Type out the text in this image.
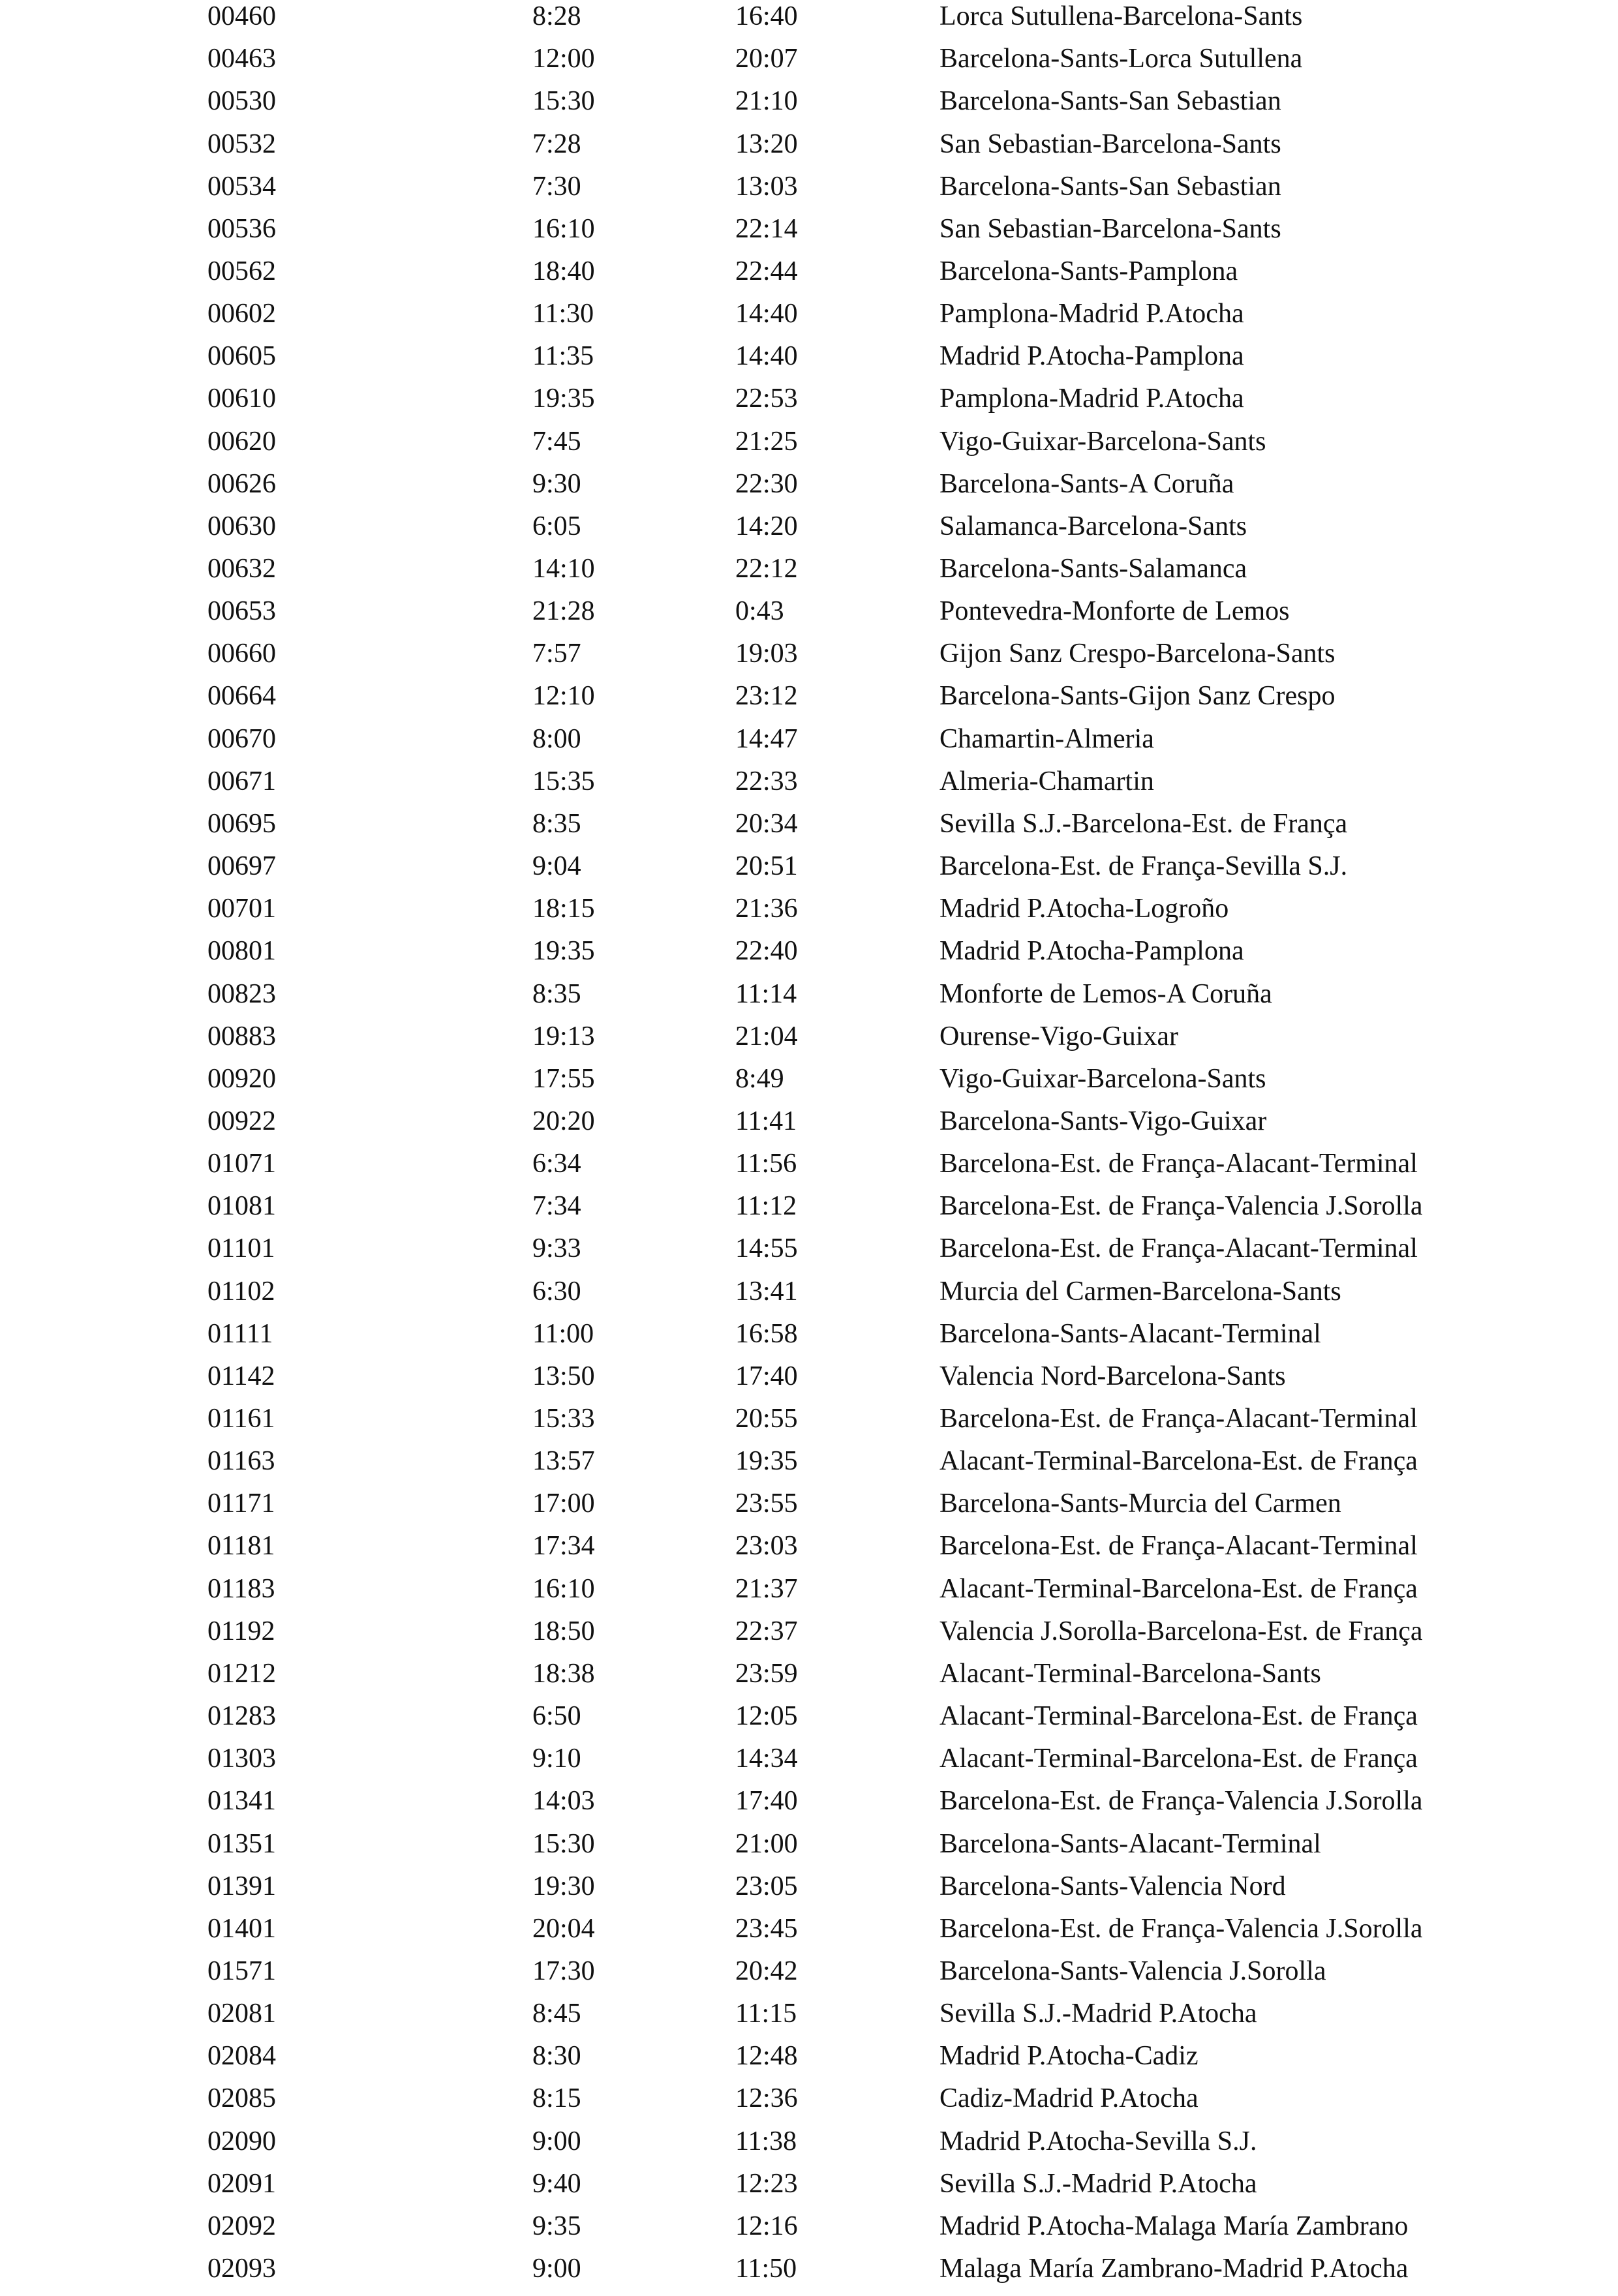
00460	8:28	16:40	Lorca Sutullena-Barcelona-Sants
00463	12:00	20:07	Barcelona-Sants-Lorca Sutullena
00530	15:30	21:10	Barcelona-Sants-San Sebastian
00532	7:28	13:20	San Sebastian-Barcelona-Sants
00534	7:30	13:03	Barcelona-Sants-San Sebastian
00536	16:10	22:14	San Sebastian-Barcelona-Sants
00562	18:40	22:44	Barcelona-Sants-Pamplona
00602	11:30	14:40	Pamplona-Madrid P.Atocha
00605	11:35	14:40	Madrid P.Atocha-Pamplona
00610	19:35	22:53	Pamplona-Madrid P.Atocha
00620	7:45	21:25	Vigo-Guixar-Barcelona-Sants
00626	9:30	22:30	Barcelona-Sants-A Coruña
00630	6:05	14:20	Salamanca-Barcelona-Sants
00632	14:10	22:12	Barcelona-Sants-Salamanca
00653	21:28	0:43	Pontevedra-Monforte de Lemos
00660	7:57	19:03	Gijon Sanz Crespo-Barcelona-Sants
00664	12:10	23:12	Barcelona-Sants-Gijon Sanz Crespo
00670	8:00	14:47	Chamartin-Almeria
00671	15:35	22:33	Almeria-Chamartin
00695	8:35	20:34	Sevilla S.J.-Barcelona-Est. de França
00697	9:04	20:51	Barcelona-Est. de França-Sevilla S.J.
00701	18:15	21:36	Madrid P.Atocha-Logroño
00801	19:35	22:40	Madrid P.Atocha-Pamplona
00823	8:35	11:14	Monforte de Lemos-A Coruña
00883	19:13	21:04	Ourense-Vigo-Guixar
00920	17:55	8:49	Vigo-Guixar-Barcelona-Sants
00922	20:20	11:41	Barcelona-Sants-Vigo-Guixar
01071	6:34	11:56	Barcelona-Est. de França-Alacant-Terminal
01081	7:34	11:12	Barcelona-Est. de França-Valencia J.Sorolla
01101	9:33	14:55	Barcelona-Est. de França-Alacant-Terminal
01102	6:30	13:41	Murcia del Carmen-Barcelona-Sants
01111	11:00	16:58	Barcelona-Sants-Alacant-Terminal
01142	13:50	17:40	Valencia Nord-Barcelona-Sants
01161	15:33	20:55	Barcelona-Est. de França-Alacant-Terminal
01163	13:57	19:35	Alacant-Terminal-Barcelona-Est. de França
01171	17:00	23:55	Barcelona-Sants-Murcia del Carmen
01181	17:34	23:03	Barcelona-Est. de França-Alacant-Terminal
01183	16:10	21:37	Alacant-Terminal-Barcelona-Est. de França
01192	18:50	22:37	Valencia J.Sorolla-Barcelona-Est. de França
01212	18:38	23:59	Alacant-Terminal-Barcelona-Sants
01283	6:50	12:05	Alacant-Terminal-Barcelona-Est. de França
01303	9:10	14:34	Alacant-Terminal-Barcelona-Est. de França
01341	14:03	17:40	Barcelona-Est. de França-Valencia J.Sorolla
01351	15:30	21:00	Barcelona-Sants-Alacant-Terminal
01391	19:30	23:05	Barcelona-Sants-Valencia Nord
01401	20:04	23:45	Barcelona-Est. de França-Valencia J.Sorolla
01571	17:30	20:42	Barcelona-Sants-Valencia J.Sorolla
02081	8:45	11:15	Sevilla S.J.-Madrid P.Atocha
02084	8:30	12:48	Madrid P.Atocha-Cadiz
02085	8:15	12:36	Cadiz-Madrid P.Atocha
02090	9:00	11:38	Madrid P.Atocha-Sevilla S.J.
02091	9:40	12:23	Sevilla S.J.-Madrid P.Atocha
02092	9:35	12:16	Madrid P.Atocha-Malaga María Zambrano
02093	9:00	11:50	Malaga María Zambrano-Madrid P.Atocha
